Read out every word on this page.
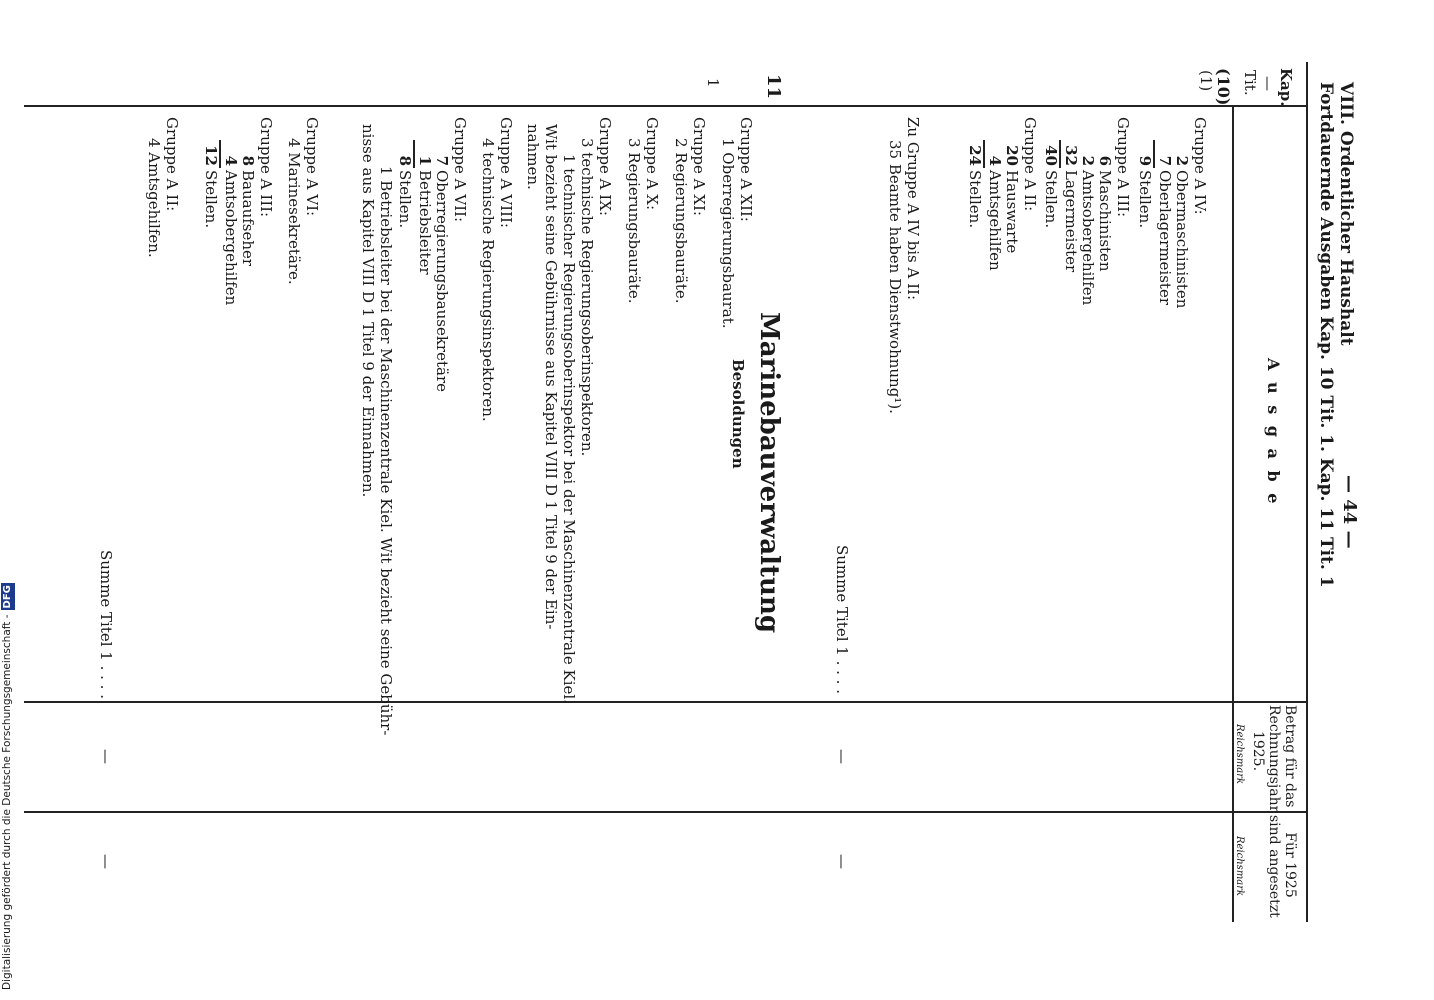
VIII. Ordentlicher Haushalt
Fortdauernde Ausgaben Kap. 10 Tit. 1. Kap. 11 Tit. 1 — 44 —
Kap.
—
Tit.
A u s g a b e
Betrag für das
Rechnungsjahr
1925.
Reichsmark
Für 1925
sind angesetzt
Reichsmark
(10)
(1)
Gruppe A IV:
2
Obermaschinisten
7
Oberlagermeister
9
Stellen.
Gruppe A III:
6
Maschinisten
2
Amtsobergehilfen
32
Lagermeister
40
Stellen.
Gruppe A II:
20
Hauswarte
4
Amtsgehilfen
24
Stellen.
Zu Gruppe A IV bis A II:
35 Beamte haben Dienstwohnung¹).
Summe Titel 1 . . . .
—
—
11
1
Marinebauverwaltung
Besoldungen
Gruppe A XII:
1 Oberregierungsbaurat.
Gruppe A XI:
2 Regierungsbauräte.
Gruppe A X:
3 Regierungsbauräte.
Gruppe A IX:
3 technische Regierungsoberinspektoren.
1 technischer Regierungsoberinspektor bei der Maschinenzentrale Kiel.
Wit bezieht seine Gebührnisse aus Kapitel VIII D 1 Titel 9 der Ein-
nahmen.
Gruppe A VIII:
4 technische Regierungsinspektoren.
Gruppe A VII:
7
Oberregierungsbausekretäre
1
Betriebsleiter
8
Stellen.
1 Betriebsleiter bei der Maschinenzentrale Kiel. Wit bezieht seine Gebühr-
nisse aus Kapitel VIII D 1 Titel 9 der Einnahmen.
Gruppe A VI:
4 Marinesekretäre.
Gruppe A III:
8
Bauaufseher
4
Amtsobergehilfen
12
Stellen.
Gruppe A II:
4 Amtsgehilfen.
Summe Titel 1 . . . .
—
—
Digitalisierung gefördert durch die Deutsche Forschungsgemeinschaft -DFG
